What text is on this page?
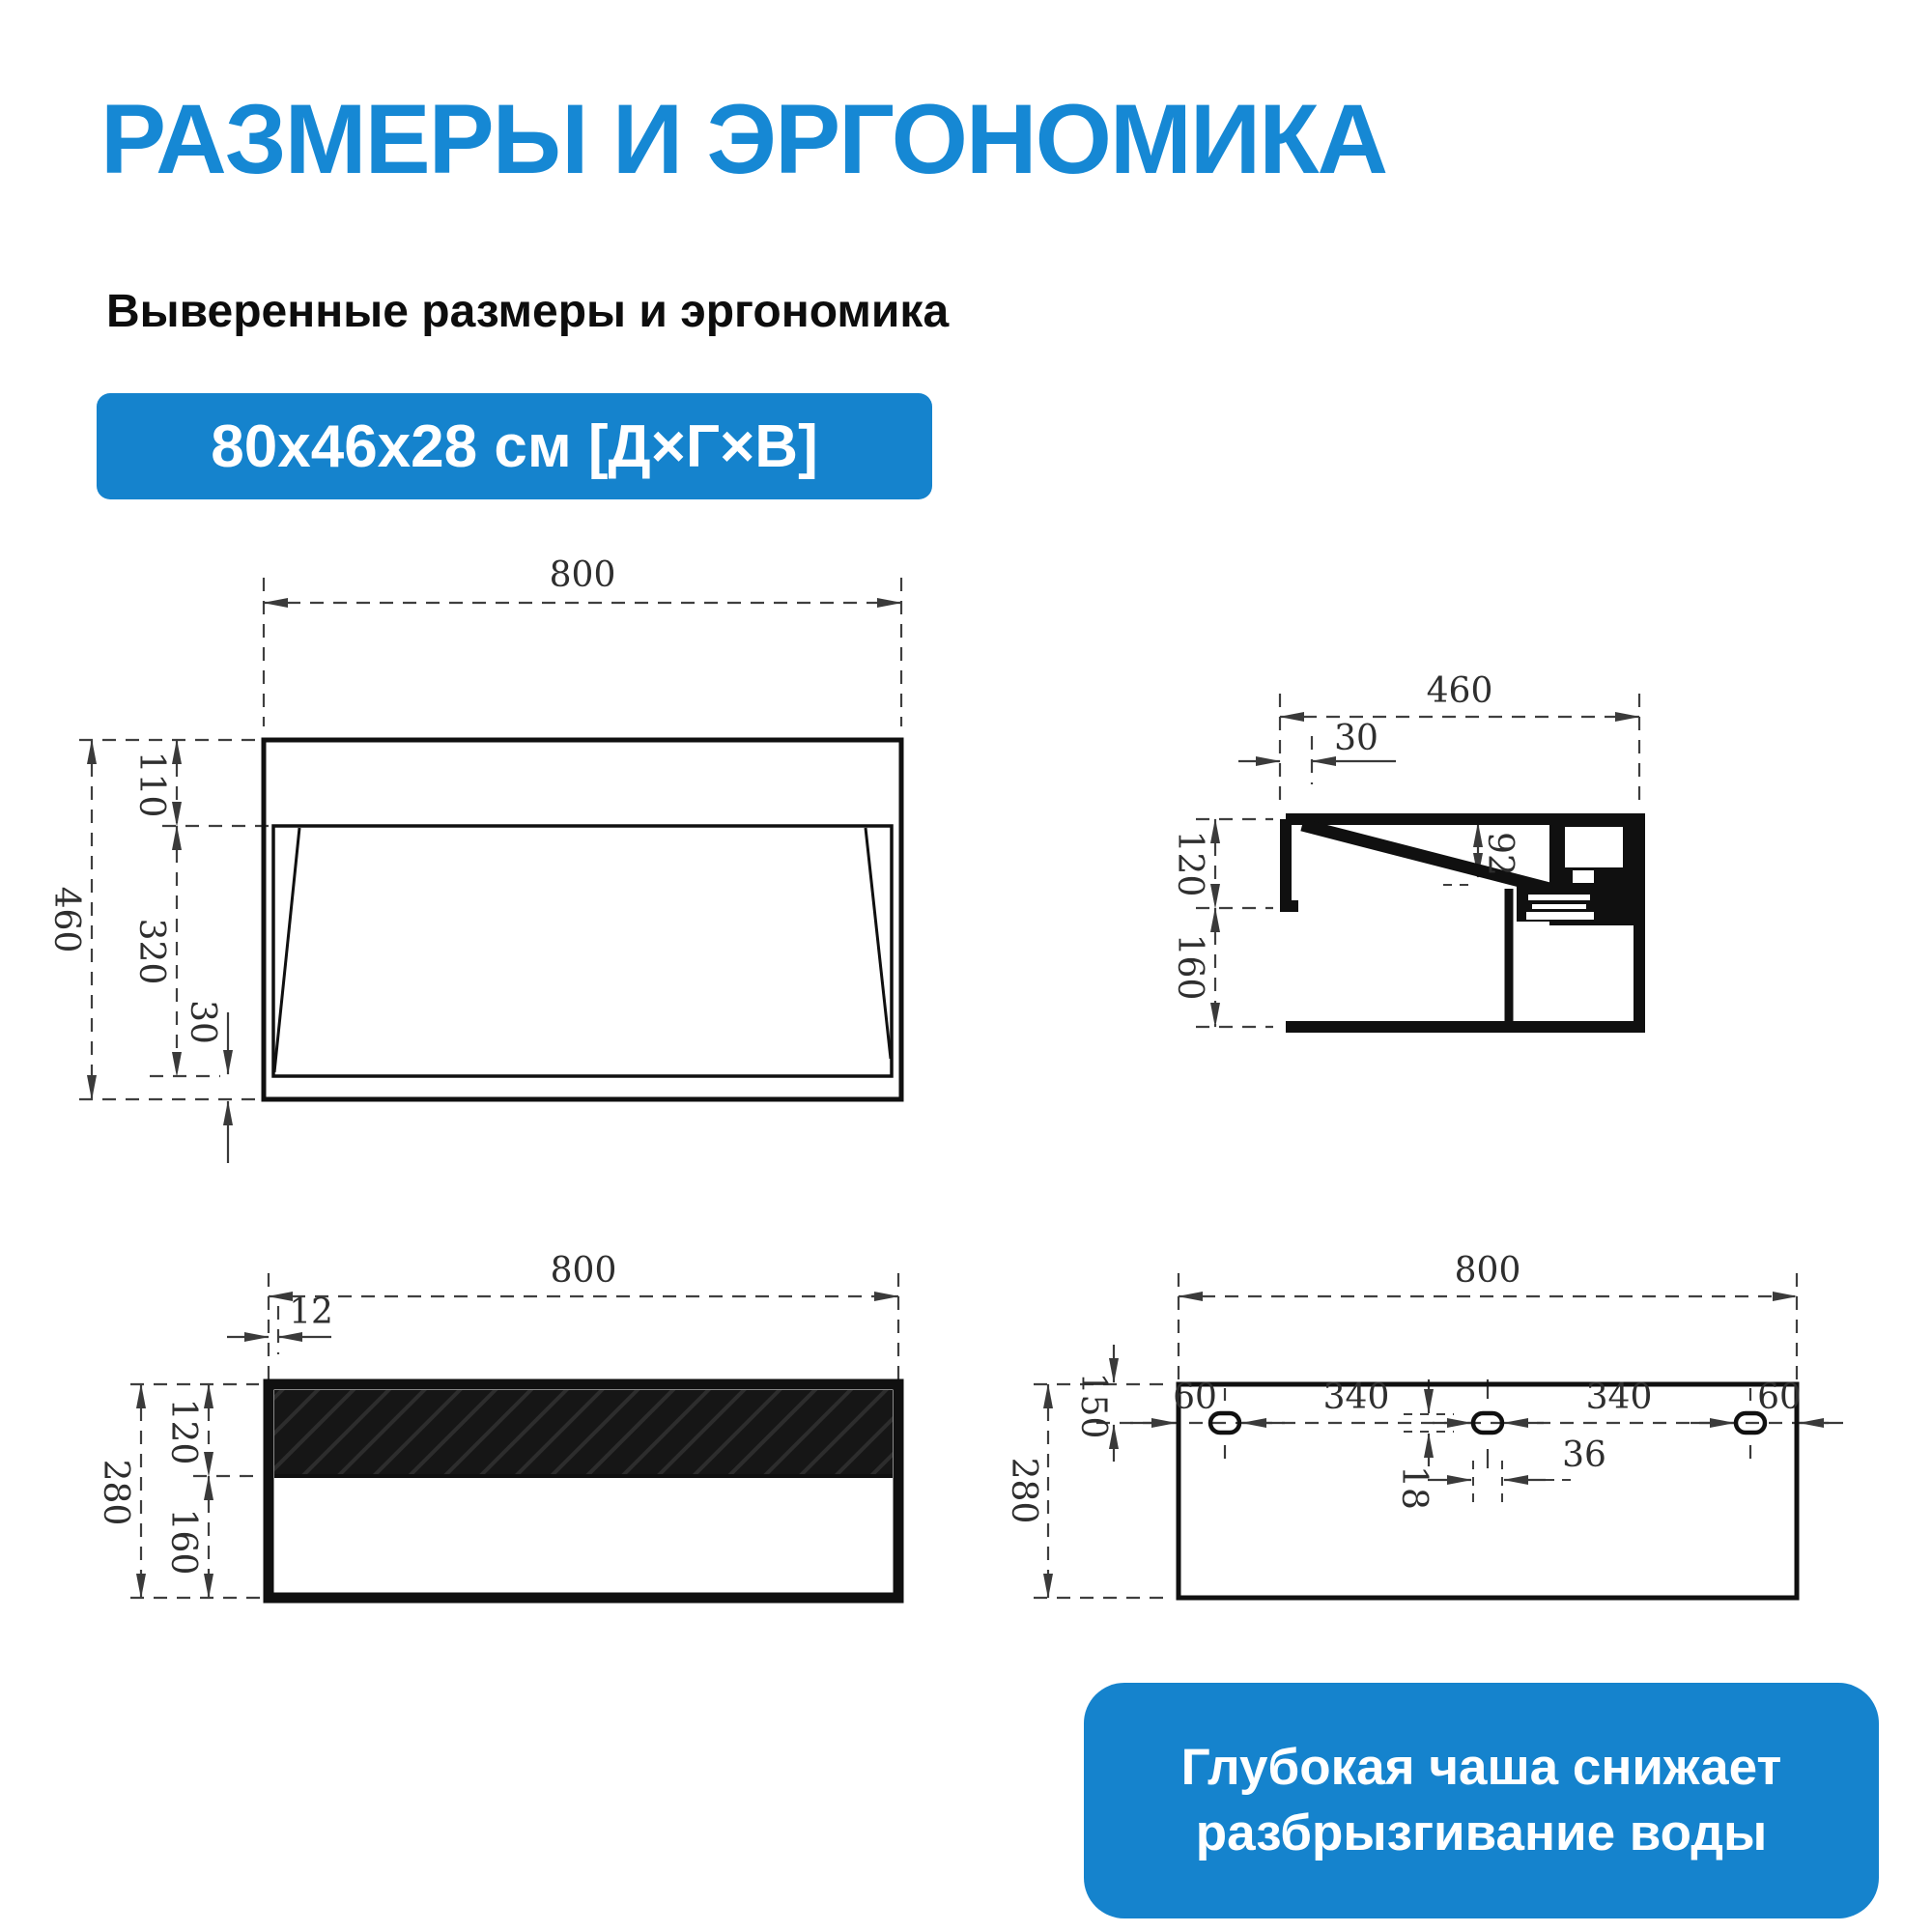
РАЗМЕРЫ И ЭРГОНОМИКА
Выверенные размеры и эргономика
80x46x28 см [Д×Г×В]
800
460
110
320
30
460
30
92
120
160
800
12
280
120
160
800
150
280
60	340	340	60
18
36
Глубокая чаша снижает разбрызгивание воды
